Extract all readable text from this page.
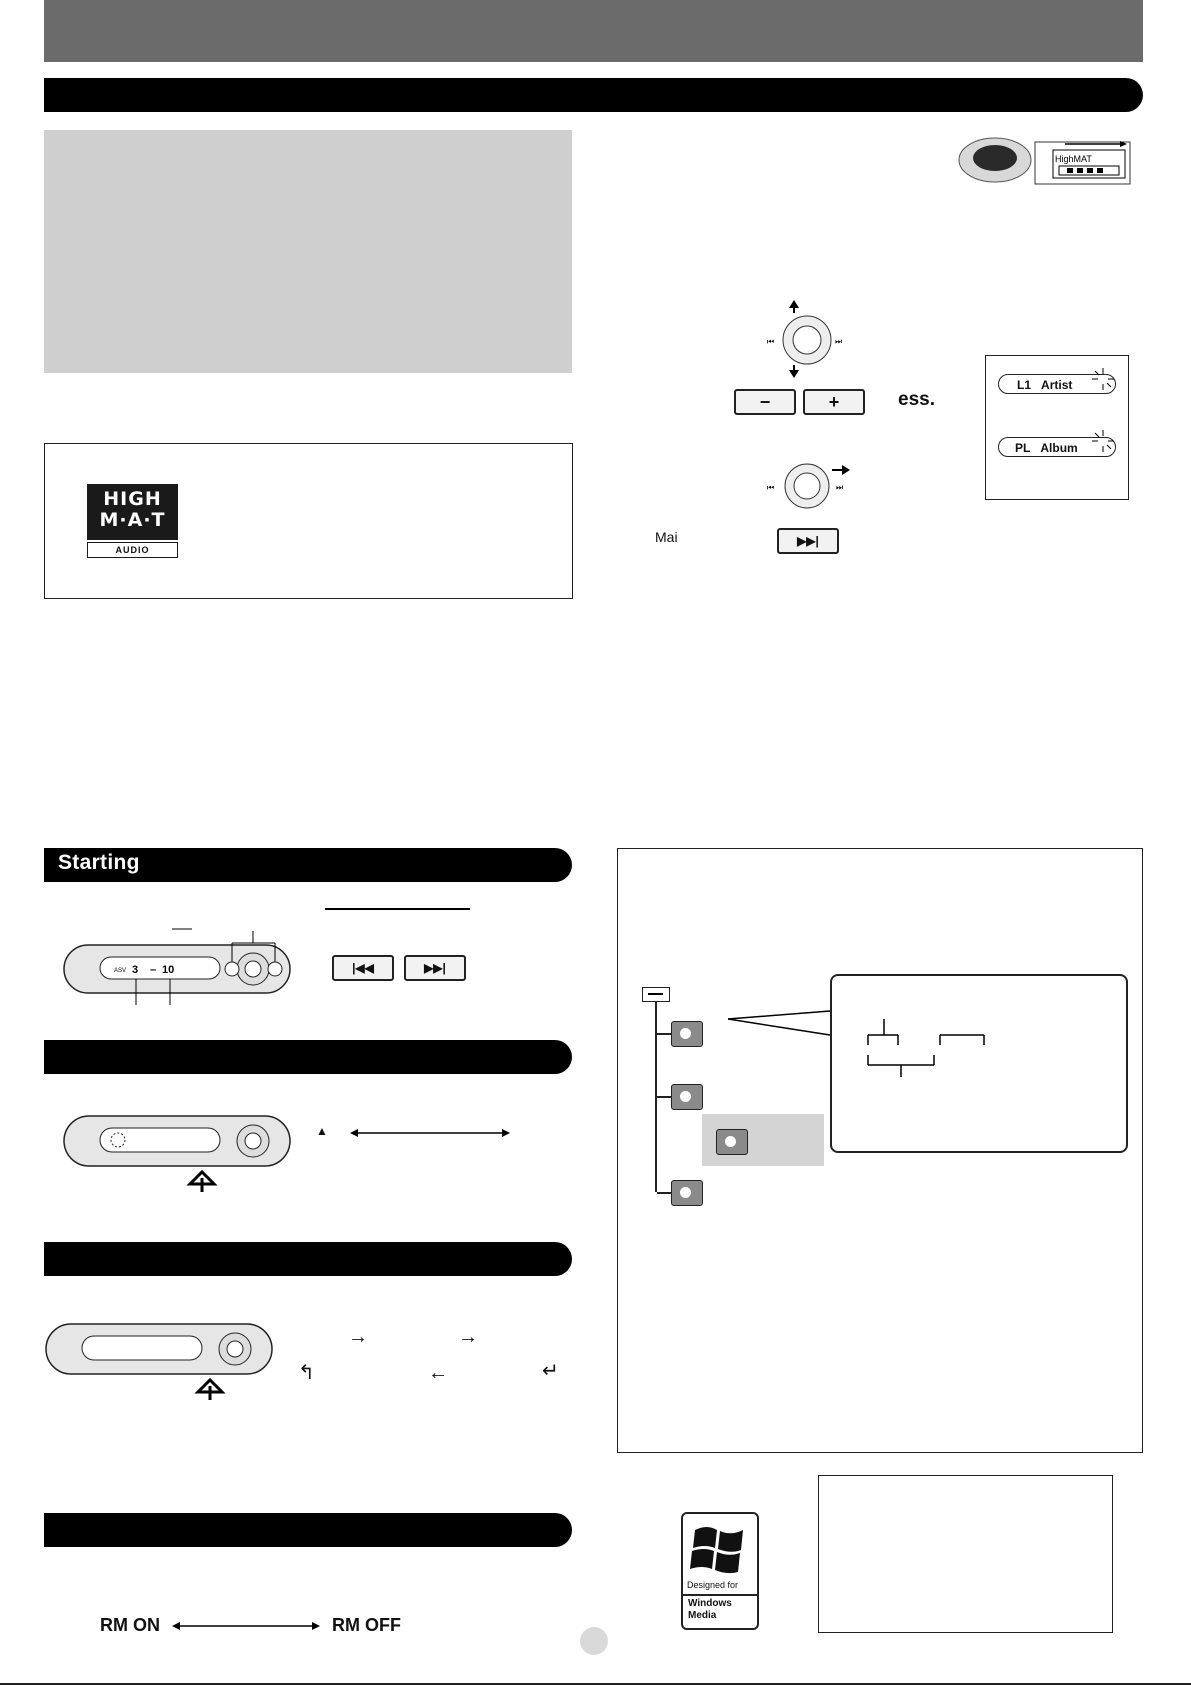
HIGH
M·A·T
AUDIO
HighMAT
⏮	⏭
−	+	ess.
⏮	⏭
Mai	▶▶|
L1 Artist
PL Album
Starting
ASV 3 – 10	|◀◀	▶▶|
▲
→	→
↰	←	↵
RM ON	RM OFF
Designed for
Windows
Media
